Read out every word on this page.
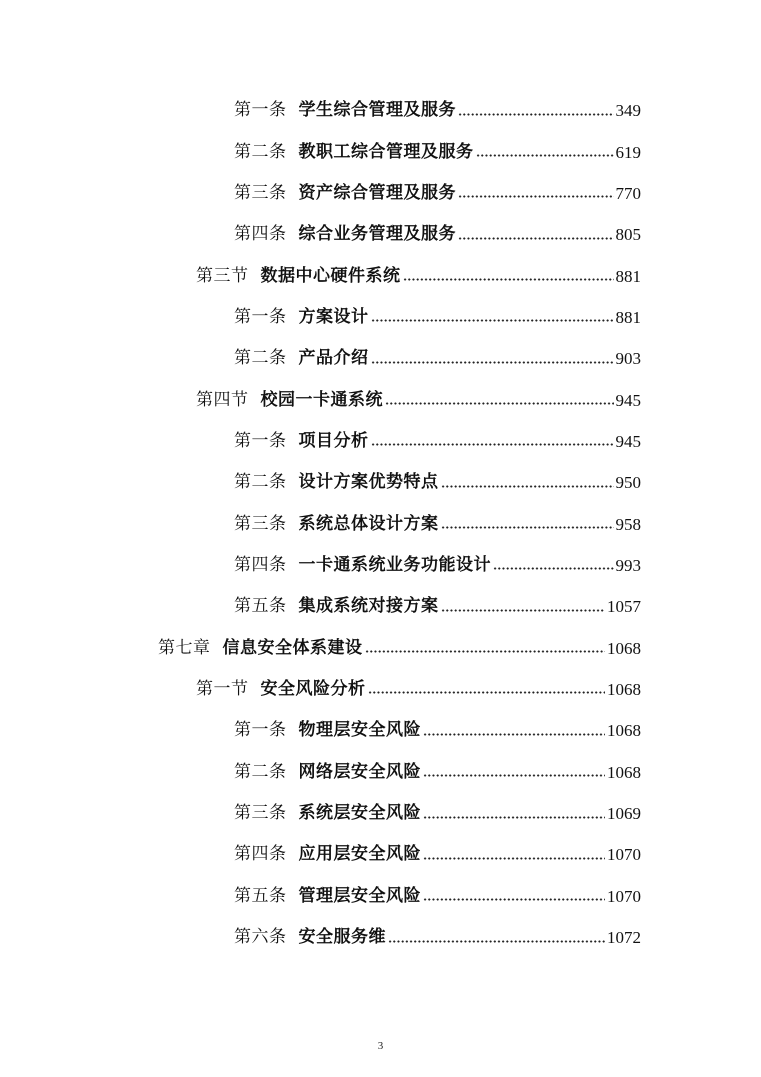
第一条 学生综合管理及服务	349
第二条 教职工综合管理及服务	619
第三条 资产综合管理及服务	770
第四条 综合业务管理及服务	805
第三节 数据中心硬件系统	881
第一条 方案设计	881
第二条 产品介绍	903
第四节 校园一卡通系统	945
第一条 项目分析	945
第二条 设计方案优势特点	950
第三条 系统总体设计方案	958
第四条 一卡通系统业务功能设计	993
第五条 集成系统对接方案	1057
第七章 信息安全体系建设	1068
第一节 安全风险分析	1068
第一条 物理层安全风险	1068
第二条 网络层安全风险	1068
第三条 系统层安全风险	1069
第四条 应用层安全风险	1070
第五条 管理层安全风险	1070
第六条 安全服务维	1072
3
